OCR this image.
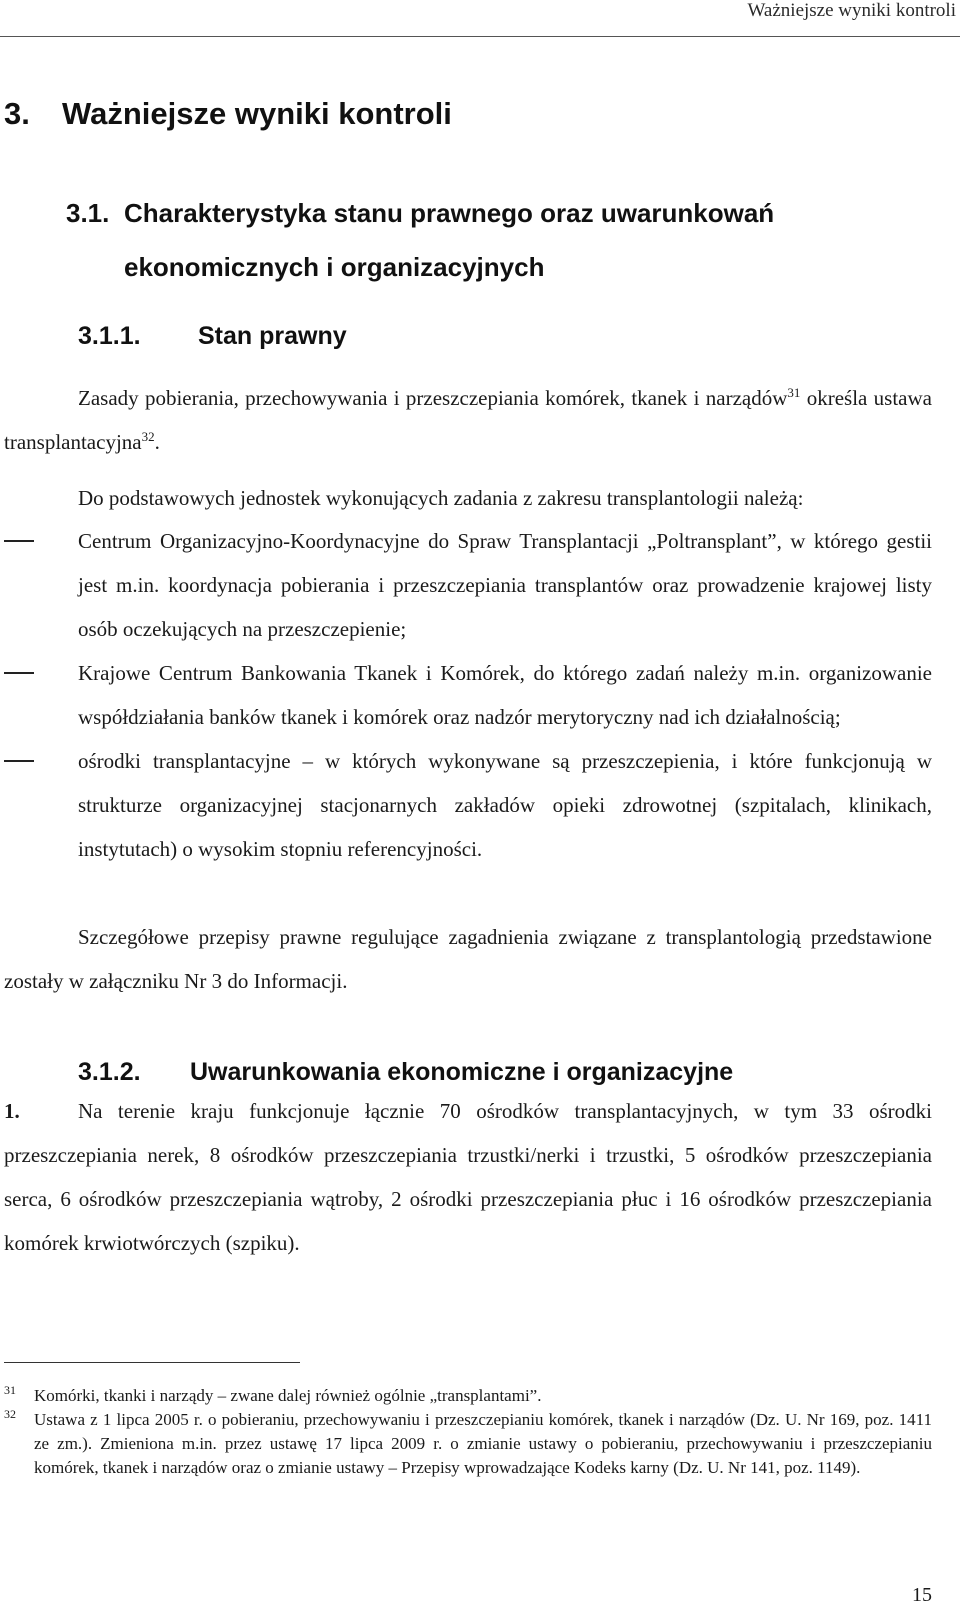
Ważniejsze wyniki kontroli
3. Ważniejsze wyniki kontroli
3.1. Charakterystyka stanu prawnego oraz uwarunkowań ekonomicznych i organizacyjnych
3.1.1. Stan prawny
Zasady pobierania, przechowywania i przeszczepiania komórek, tkanek i narządów$^{31}$ określa ustawa transplantacyjna$^{32}$.
Do podstawowych jednostek wykonujących zadania z zakresu transplantologii należą:
Centrum Organizacyjno-Koordynacyjne do Spraw Transplantacji „Poltransplant”, w którego gestii jest m.in. koordynacja pobierania i przeszczepiania transplantów oraz prowadzenie krajowej listy osób oczekujących na przeszczepienie;
Krajowe Centrum Bankowania Tkanek i Komórek, do którego zadań należy m.in. organizowanie współdziałania banków tkanek i komórek oraz nadzór merytoryczny nad ich działalnością;
ośrodki transplantacyjne – w których wykonywane są przeszczepienia, i które funkcjonują w strukturze organizacyjnej stacjonarnych zakładów opieki zdrowotnej (szpitalach, klinikach, instytutach) o wysokim stopniu referencyjności.
Szczegółowe przepisy prawne regulujące zagadnienia związane z transplantologią przedstawione zostały w załączniku Nr 3 do Informacji.
3.1.2. Uwarunkowania ekonomiczne i organizacyjne
1.	Na terenie kraju funkcjonuje łącznie 70 ośrodków transplantacyjnych, w tym 33 ośrodki przeszczepiania nerek, 8 ośrodków przeszczepiania trzustki/nerki i trzustki, 5 ośrodków przeszczepiania serca, 6 ośrodków przeszczepiania wątroby, 2 ośrodki przeszczepiania płuc i 16 ośrodków przeszczepiania komórek krwiotwórczych (szpiku).
31 Komórki, tkanki i narządy – zwane dalej również ogólnie „transplantami”.
32 Ustawa z 1 lipca 2005 r. o pobieraniu, przechowywaniu i przeszczepianiu komórek, tkanek i narządów (Dz. U. Nr 169, poz. 1411 ze zm.). Zmieniona m.in. przez ustawę 17 lipca 2009 r. o zmianie ustawy o pobieraniu, przechowywaniu i przeszczepianiu komórek, tkanek i narządów oraz o zmianie ustawy – Przepisy wprowadzające Kodeks karny (Dz. U. Nr 141, poz. 1149).
15
